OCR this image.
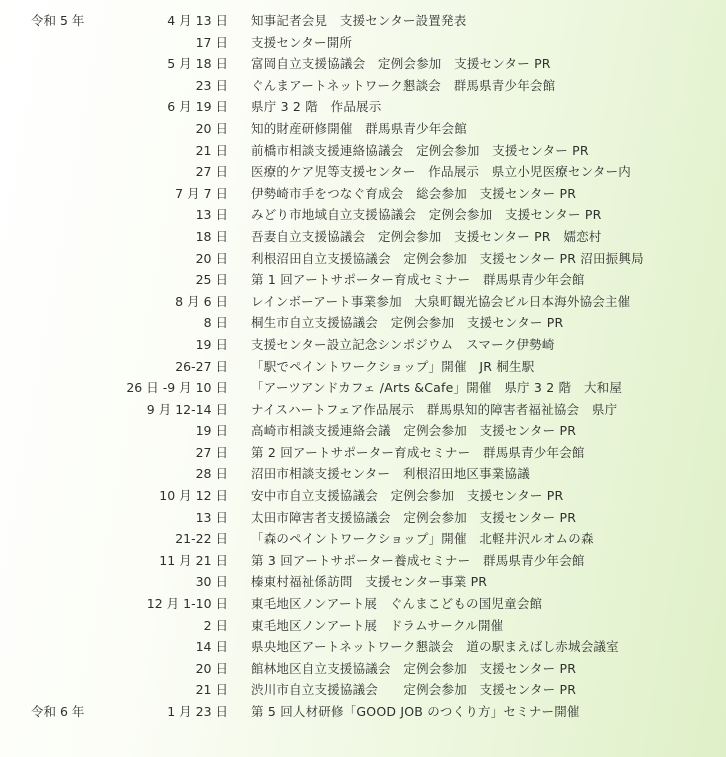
令和 5 年	4 月 13 日 知事記者会見　支援センター設置発表
17 日 支援センター開所
5 月 18 日 富岡自立支援協議会　定例会参加　支援センター PR
23 日 ぐんまアートネットワーク懇談会　群馬県青少年会館
6 月 19 日 県庁 3 2 階　作品展示
20 日 知的財産研修開催　群馬県青少年会館
21 日 前橋市相談支援連絡協議会　定例会参加　支援センター PR
27 日 医療的ケア児等支援センター　作品展示　県立小児医療センター内
7 月 7 日 伊勢崎市手をつなぐ育成会　総会参加　支援センター PR
13 日 みどり市地域自立支援協議会　定例会参加　支援センター PR
18 日 吾妻自立支援協議会　定例会参加　支援センター PR　嬬恋村
20 日 利根沼田自立支援協議会　定例会参加　支援センター PR 沼田振興局
25 日 第 1 回アートサポーター育成セミナー　群馬県青少年会館
8 月 6 日 レインボーアート事業参加　大泉町観光協会ビル日本海外協会主催
8 日 桐生市自立支援協議会　定例会参加　支援センター PR
19 日 支援センター設立記念シンポジウム　スマーク伊勢崎
26-27 日 「駅でペイントワークショップ」開催　JR 桐生駅
26 日 -9 月 10 日 「アーツアンドカフェ /Arts &Cafe」開催　県庁 3 2 階　大和屋
9 月 12-14 日 ナイスハートフェア作品展示　群馬県知的障害者福祉協会　県庁
19 日 高崎市相談支援連絡会議　定例会参加　支援センター PR
27 日 第 2 回アートサポーター育成セミナー　群馬県青少年会館
28 日 沼田市相談支援センター　利根沼田地区事業協議
10 月 12 日 安中市自立支援協議会　定例会参加　支援センター PR
13 日 太田市障害者支援協議会　定例会参加　支援センター PR
21-22 日 「森のペイントワークショップ」開催　北軽井沢ルオムの森
11 月 21 日 第 3 回アートサポーター養成セミナー　群馬県青少年会館
30 日 榛東村福祉係訪問　支援センター事業 PR
12 月 1-10 日 東毛地区ノンアート展　ぐんまこどもの国児童会館
2 日 東毛地区ノンアート展　ドラムサークル開催
14 日 県央地区アートネットワーク懇談会　道の駅まえばし赤城会議室
20 日 館林地区自立支援協議会　定例会参加　支援センター PR
21 日 渋川市自立支援協議会　　定例会参加　支援センター PR
令和 6 年	1 月 23 日 第 5 回人材研修「GOOD JOB のつくり方」セミナー開催
